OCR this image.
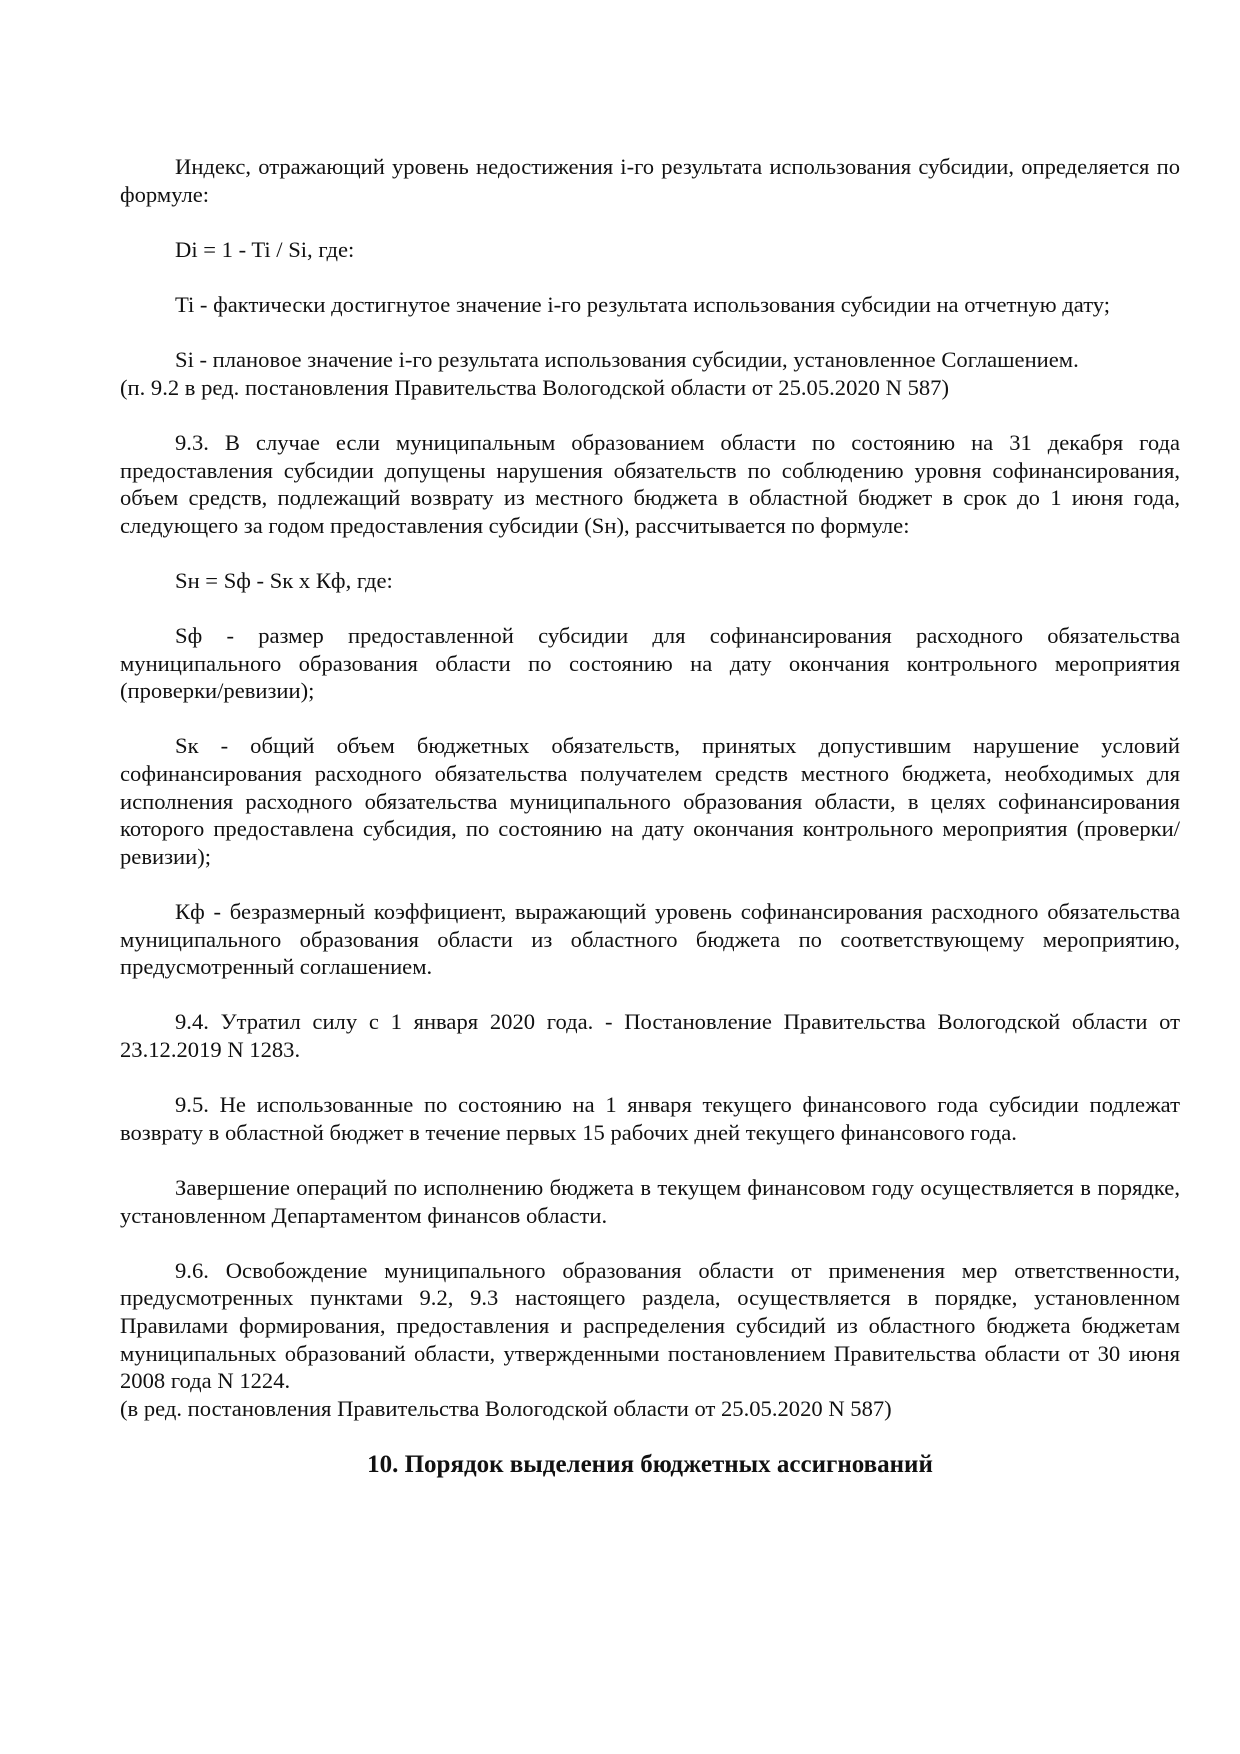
Индекс, отражающий уровень недостижения i-го результата использования субсидии, определяется по формуле:

Di = 1 - Ti / Si, где:

Ti - фактически достигнутое значение i-го результата использования субсидии на отчетную дату;

Si - плановое значение i-го результата использования субсидии, установленное Соглашением.

(п. 9.2 в ред. постановления Правительства Вологодской области от 25.05.2020 N 587)

9.3. В случае если муниципальным образованием области по состоянию на 31 декабря года предоставления субсидии допущены нарушения обязательств по соблюдению уровня софинансирования, объем средств, подлежащий возврату из местного бюджета в областной бюджет в срок до 1 июня года, следующего за годом предоставления субсидии (Sн), рассчитывается по формуле:

Sн = Sф - Sк x Кф, где:

Sф - размер предоставленной субсидии для софинансирования расходного обязательства муниципального образования области по состоянию на дату окончания контрольного мероприятия (проверки/ревизии);

Sк - общий объем бюджетных обязательств, принятых допустившим нарушение условий софинансирования расходного обязательства получателем средств местного бюджета, необходимых для исполнения расходного обязательства муниципального образования области, в целях софинансирования которого предоставлена субсидия, по состоянию на дату окончания контрольного мероприятия (проверки/ревизии);

Кф - безразмерный коэффициент, выражающий уровень софинансирования расходного обязательства муниципального образования области из областного бюджета по соответствующему мероприятию, предусмотренный соглашением.

9.4. Утратил силу с 1 января 2020 года. - Постановление Правительства Вологодской области от 23.12.2019 N 1283.

9.5. Не использованные по состоянию на 1 января текущего финансового года субсидии подлежат возврату в областной бюджет в течение первых 15 рабочих дней текущего финансового года.

Завершение операций по исполнению бюджета в текущем финансовом году осуществляется в порядке, установленном Департаментом финансов области.

9.6. Освобождение муниципального образования области от применения мер ответственности, предусмотренных пунктами 9.2, 9.3 настоящего раздела, осуществляется в порядке, установленном Правилами формирования, предоставления и распределения субсидий из областного бюджета бюджетам муниципальных образований области, утвержденными постановлением Правительства области от 30 июня 2008 года N 1224.

(в ред. постановления Правительства Вологодской области от 25.05.2020 N 587)

10. Порядок выделения бюджетных ассигнований
